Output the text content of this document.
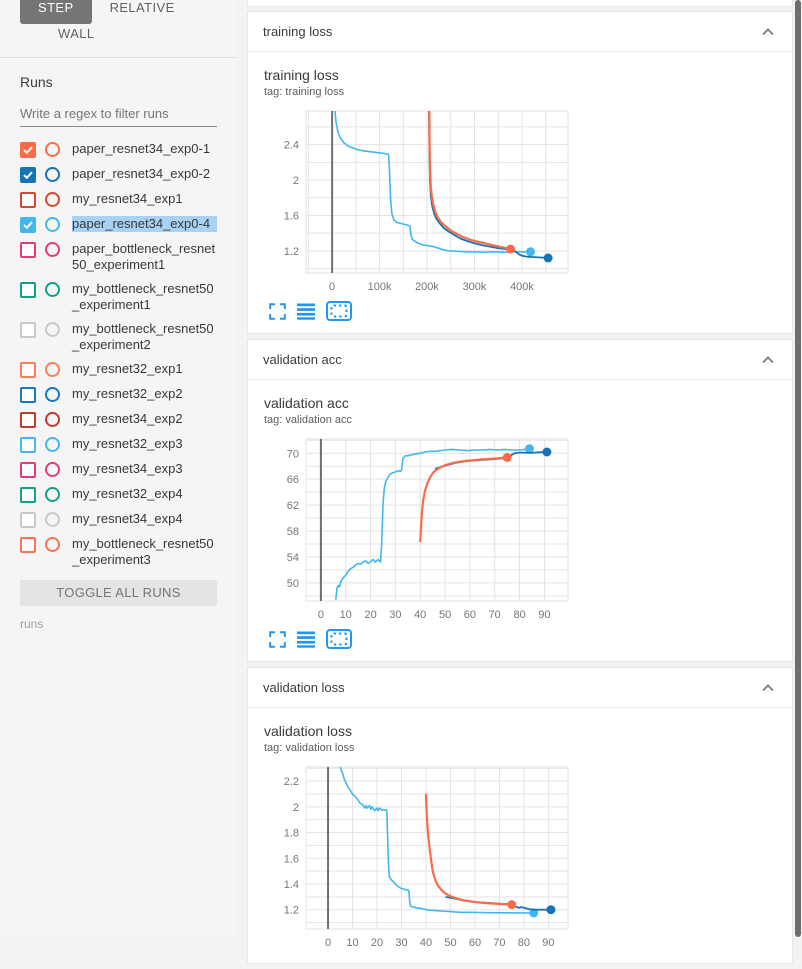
STEP	RELATIVE
WALL
Runs
Write a regex to filter runs
paper_resnet34_exp0-1
paper_resnet34_exp0-2
my_resnet34_exp1
paper_resnet34_exp0-4
paper_bottleneck_resnet50_experiment1
my_bottleneck_resnet50_experiment1
my_bottleneck_resnet50_experiment2
my_resnet32_exp1
my_resnet32_exp2
my_resnet34_exp2
my_resnet32_exp3
my_resnet34_exp3
my_resnet32_exp4
my_resnet34_exp4
my_bottleneck_resnet50_experiment3
TOGGLE ALL RUNS
runs
training loss
training loss
tag: training loss
0	100k 200k 300k 400k
1.2
1.6
2
2.4
validation acc
validation acc
tag: validation acc
0 10 20 30 40 50 60 70 80 90
50
54
58
62
66
70
validation loss
validation loss
tag: validation loss
0 10 20 30 40 50 60 70 80 90
1.2
1.4
1.6
1.8
2
2.2
